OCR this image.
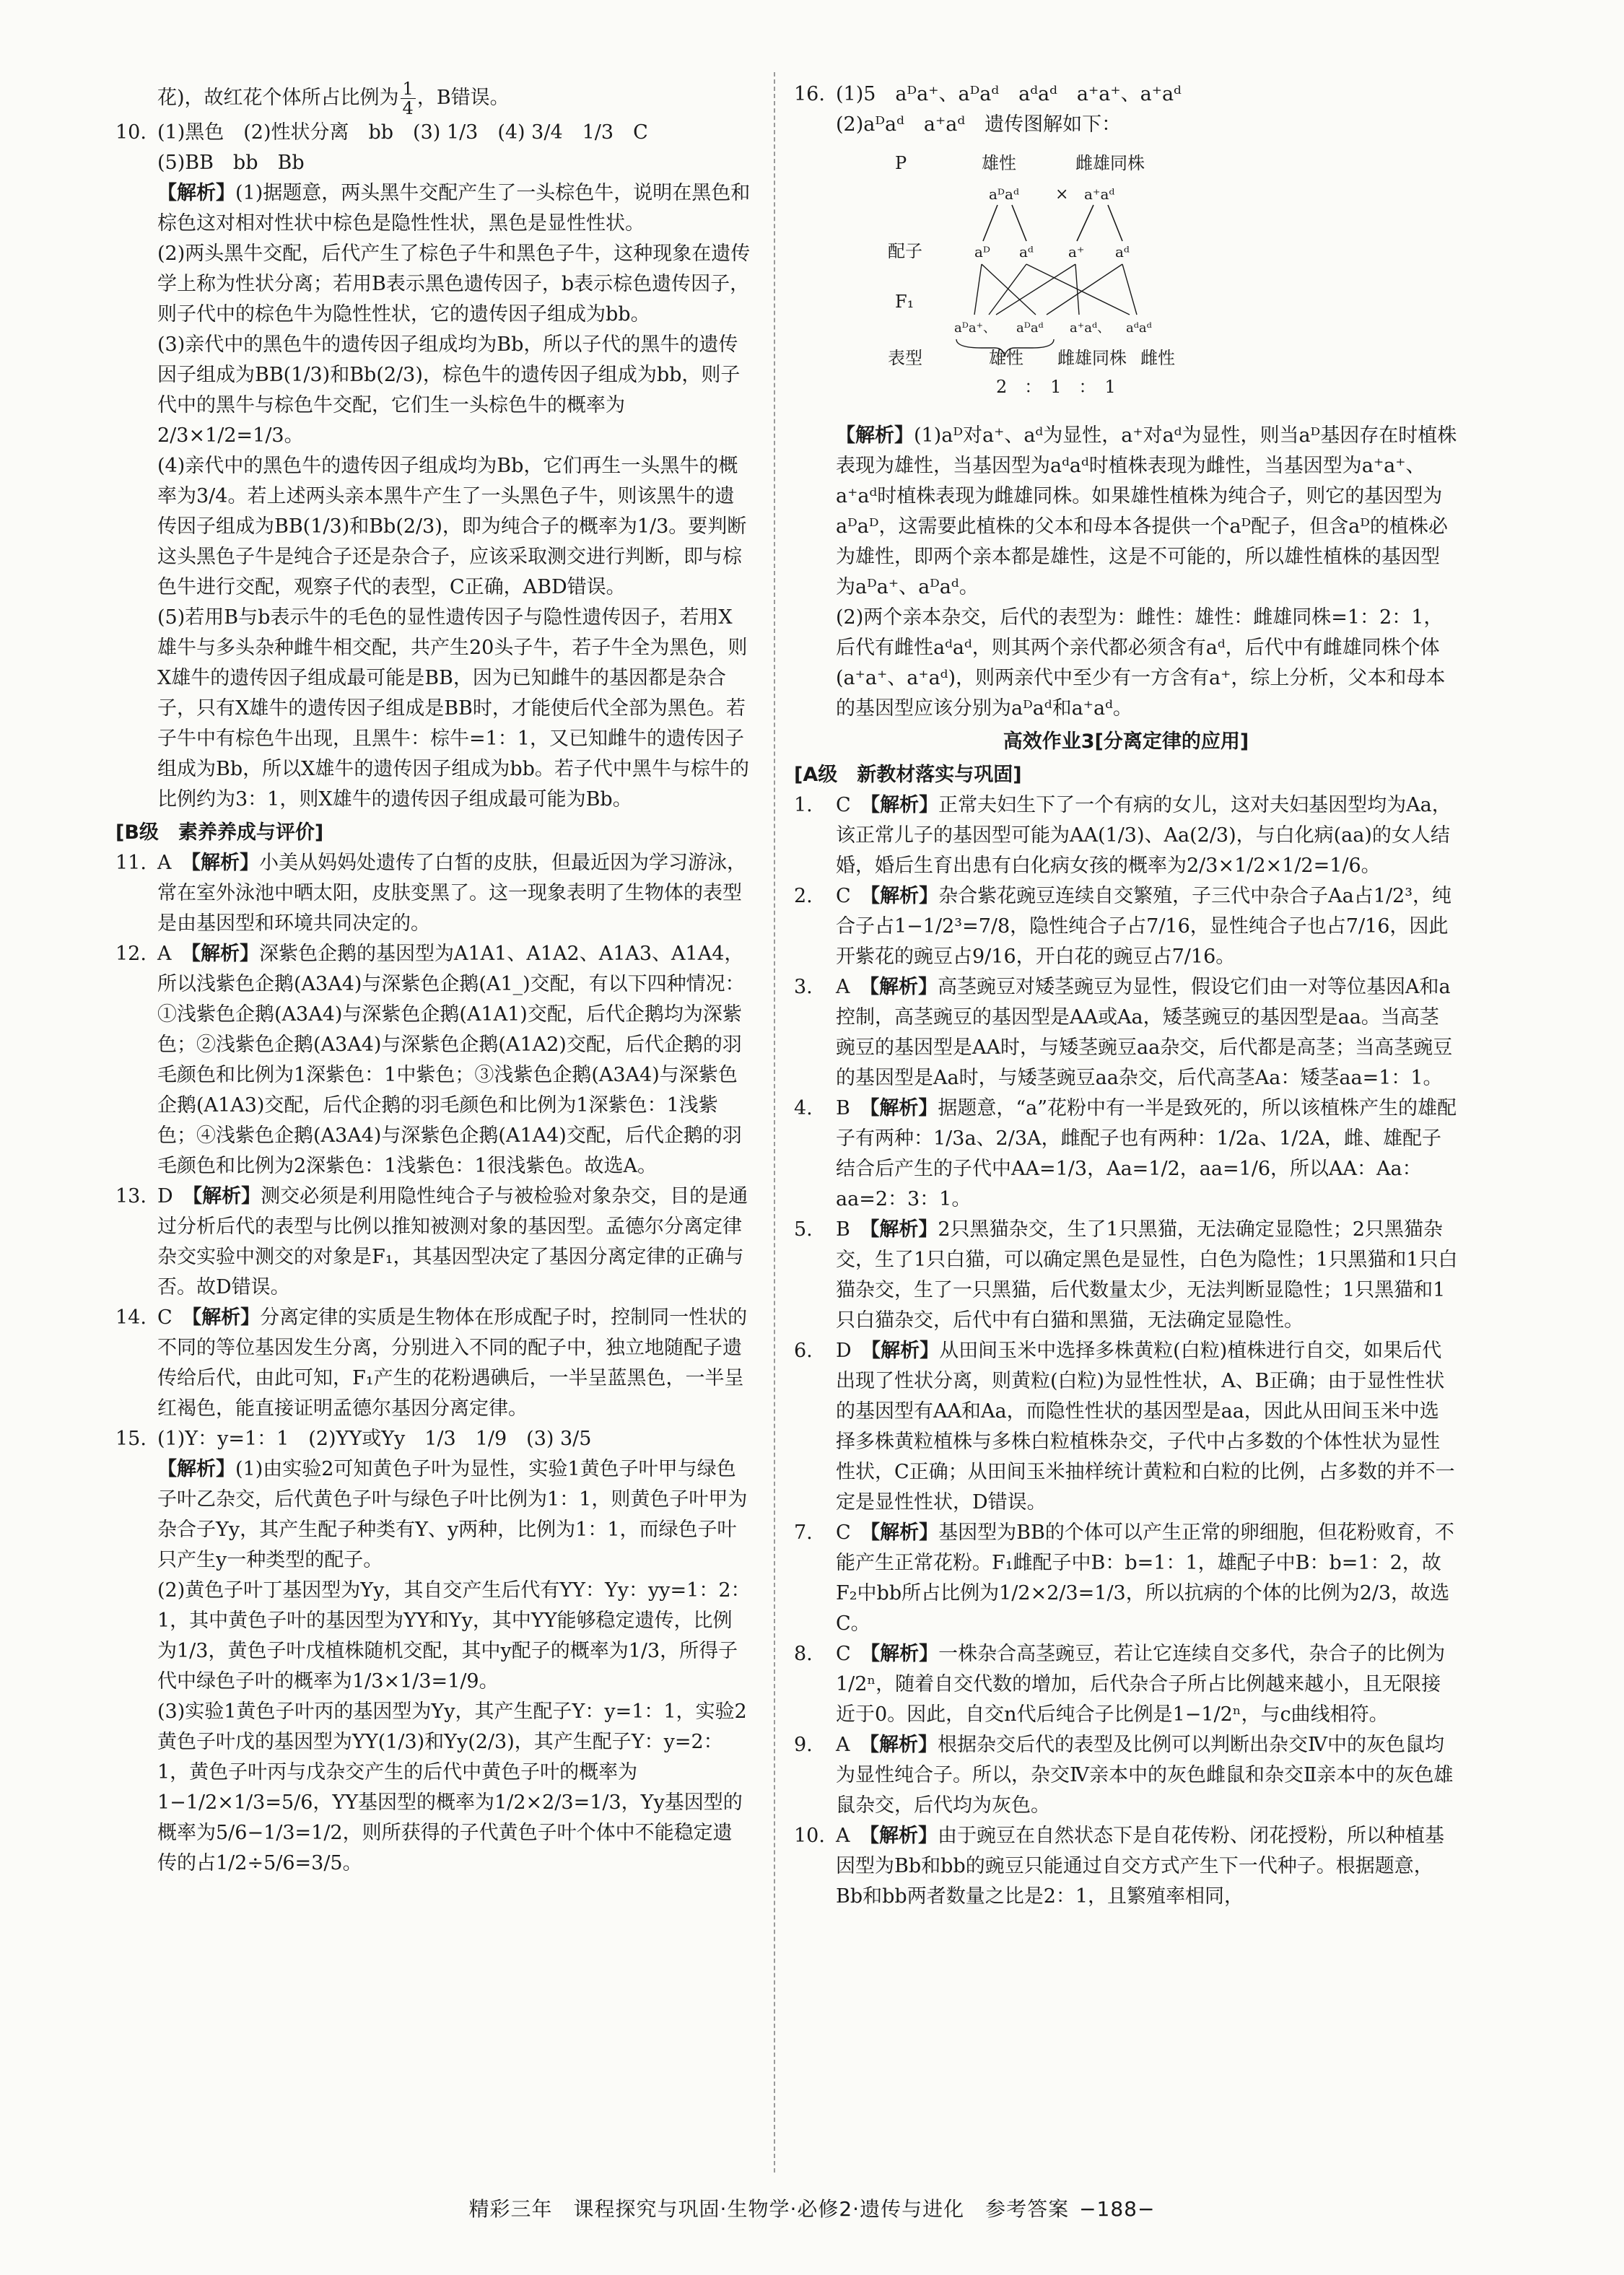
花)，故红花个体所占比例为 $\frac{1}{4}$ ，B错误。

10. (1)黑色　(2)性状分离　bb　(3) 1/3　(4) 3/4　1/3　C

(5)BB　bb　Bb

【解析】(1)据题意，两头黑牛交配产生了一头棕色牛，说明在黑色和棕色这对相对性状中棕色是隐性性状，黑色是显性性状。

(2)两头黑牛交配，后代产生了棕色子牛和黑色子牛，这种现象在遗传学上称为性状分离；若用B表示黑色遗传因子，b表示棕色遗传因子，则子代中的棕色牛为隐性性状，它的遗传因子组成为bb。

(3)亲代中的黑色牛的遗传因子组成均为Bb，所以子代的黑牛的遗传因子组成为BB(1/3)和Bb(2/3)，棕色牛的遗传因子组成为bb，则子代中的黑牛与棕色牛交配，它们生一头棕色牛的概率为2/3×1/2=1/3。

(4)亲代中的黑色牛的遗传因子组成均为Bb，它们再生一头黑牛的概率为3/4。若上述两头亲本黑牛产生了一头黑色子牛，则该黑牛的遗传因子组成为BB(1/3)和Bb(2/3)，即为纯合子的概率为1/3。要判断这头黑色子牛是纯合子还是杂合子，应该采取测交进行判断，即与棕色牛进行交配，观察子代的表型，C正确，ABD错误。

(5)若用B与b表示牛的毛色的显性遗传因子与隐性遗传因子，若用X雄牛与多头杂种雌牛相交配，共产生20头子牛，若子牛全为黑色，则X雄牛的遗传因子组成最可能是BB，因为已知雌牛的基因都是杂合子，只有X雄牛的遗传因子组成是BB时，才能使后代全部为黑色。若子牛中有棕色牛出现，且黑牛：棕牛=1：1，又已知雌牛的遗传因子组成为Bb，所以X雄牛的遗传因子组成为bb。若子代中黑牛与棕牛的比例约为3：1，则X雄牛的遗传因子组成最可能为Bb。

[B级　素养养成与评价]

11. A　 【解析】小美从妈妈处遗传了白皙的皮肤，但最近因为学习游泳，常在室外泳池中晒太阳，皮肤变黑了。这一现象表明了生物体的表型是由基因型和环境共同决定的。

12. A　 【解析】深紫色企鹅的基因型为A1A1、A1A2、A1A3、A1A4，所以浅紫色企鹅(A3A4)与深紫色企鹅(A1_)交配，有以下四种情况：①浅紫色企鹅(A3A4)与深紫色企鹅(A1A1)交配，后代企鹅均为深紫色；②浅紫色企鹅(A3A4)与深紫色企鹅(A1A2)交配，后代企鹅的羽毛颜色和比例为1深紫色：1中紫色；③浅紫色企鹅(A3A4)与深紫色企鹅(A1A3)交配，后代企鹅的羽毛颜色和比例为1深紫色：1浅紫色；④浅紫色企鹅(A3A4)与深紫色企鹅(A1A4)交配，后代企鹅的羽毛颜色和比例为2深紫色：1浅紫色：1很浅紫色。故选A。

13. D　 【解析】测交必须是利用隐性纯合子与被检验对象杂交，目的是通过分析后代的表型与比例以推知被测对象的基因型。孟德尔分离定律杂交实验中测交的对象是F₁，其基因型决定了基因分离定律的正确与否。故D错误。

14. C　 【解析】分离定律的实质是生物体在形成配子时，控制同一性状的不同的等位基因发生分离，分别进入不同的配子中，独立地随配子遗传给后代，由此可知，F₁产生的花粉遇碘后，一半呈蓝黑色，一半呈红褐色，能直接证明孟德尔基因分离定律。

15. (1)Y：y=1：1　(2)YY或Yy　1/3　1/9　(3) 3/5

【解析】(1)由实验2可知黄色子叶为显性，实验1黄色子叶甲与绿色子叶乙杂交，后代黄色子叶与绿色子叶比例为1：1，则黄色子叶甲为杂合子Yy，其产生配子种类有Y、y两种，比例为1：1，而绿色子叶只产生y一种类型的配子。

(2)黄色子叶丁基因型为Yy，其自交产生后代有YY：Yy：yy=1：2：1，其中黄色子叶的基因型为YY和Yy，其中YY能够稳定遗传，比例为1/3，黄色子叶戊植株随机交配，其中y配子的概率为1/3，所得子代中绿色子叶的概率为1/3×1/3=1/9。

(3)实验1黄色子叶丙的基因型为Yy，其产生配子Y：y=1：1，实验2黄色子叶戊的基因型为YY(1/3)和Yy(2/3)，其产生配子Y：y=2：1，黄色子叶丙与戊杂交产生的后代中黄色子叶的概率为1−1/2×1/3=5/6，YY基因型的概率为1/2×2/3=1/3，Yy基因型的概率为5/6−1/3=1/2，则所获得的子代黄色子叶个体中不能稳定遗传的占1/2÷5/6=3/5。

16. (1)5　aᴰa⁺、aᴰaᵈ　aᵈaᵈ　a⁺a⁺、a⁺aᵈ

(2)aᴰaᵈ　a⁺aᵈ　遗传图解如下：

P	雄性	雌雄同株
aᴰaᵈ × a⁺aᵈ
配子	aᴰ aᵈ a⁺ aᵈ
F₁
aᴰa⁺、 aᴰaᵈ a⁺aᵈ、 aᵈaᵈ
表型	雄性 雌雄同株 雌性
2　：　1　：　1

【解析】(1)aᴰ对a⁺、aᵈ为显性，a⁺对aᵈ为显性，则当aᴰ基因存在时植株表现为雄性，当基因型为aᵈaᵈ时植株表现为雌性，当基因型为a⁺a⁺、a⁺aᵈ时植株表现为雌雄同株。如果雄性植株为纯合子，则它的基因型为aᴰaᴰ，这需要此植株的父本和母本各提供一个aᴰ配子，但含aᴰ的植株必为雄性，即两个亲本都是雄性，这是不可能的，所以雄性植株的基因型为aᴰa⁺、aᴰaᵈ。

(2)两个亲本杂交，后代的表型为：雌性：雄性：雌雄同株=1：2：1，后代有雌性aᵈaᵈ，则其两个亲代都必须含有aᵈ，后代中有雌雄同株个体(a⁺a⁺、a⁺aᵈ)，则两亲代中至少有一方含有a⁺，综上分析，父本和母本的基因型应该分别为aᴰaᵈ和a⁺aᵈ。

高效作业3[分离定律的应用]

[A级　新教材落实与巩固]

1.	C　 【解析】正常夫妇生下了一个有病的女儿，这对夫妇基因型均为Aa，该正常儿子的基因型可能为AA(1/3)、Aa(2/3)，与白化病(aa)的女人结婚，婚后生育出患有白化病女孩的概率为2/3×1/2×1/2=1/6。

2.	C　 【解析】杂合紫花豌豆连续自交繁殖，子三代中杂合子Aa占1/2³，纯合子占1−1/2³=7/8，隐性纯合子占7/16，显性纯合子也占7/16，因此开紫花的豌豆占9/16，开白花的豌豆占7/16。

3.	A　 【解析】高茎豌豆对矮茎豌豆为显性，假设它们由一对等位基因A和a控制，高茎豌豆的基因型是AA或Aa，矮茎豌豆的基因型是aa。当高茎豌豆的基因型是AA时，与矮茎豌豆aa杂交，后代都是高茎；当高茎豌豆的基因型是Aa时，与矮茎豌豆aa杂交，后代高茎Aa：矮茎aa=1：1。

4.	B　 【解析】据题意，“a”花粉中有一半是致死的，所以该植株产生的雄配子有两种：1/3a、2/3A，雌配子也有两种：1/2a、1/2A，雌、雄配子结合后产生的子代中AA=1/3，Aa=1/2，aa=1/6，所以AA：Aa：aa=2：3：1。

5.	B　 【解析】2只黑猫杂交，生了1只黑猫，无法确定显隐性；2只黑猫杂交，生了1只白猫，可以确定黑色是显性，白色为隐性；1只黑猫和1只白猫杂交，生了一只黑猫，后代数量太少，无法判断显隐性；1只黑猫和1只白猫杂交，后代中有白猫和黑猫，无法确定显隐性。

6.	D　 【解析】从田间玉米中选择多株黄粒(白粒)植株进行自交，如果后代出现了性状分离，则黄粒(白粒)为显性性状，A、B正确；由于显性性状的基因型有AA和Aa，而隐性性状的基因型是aa，因此从田间玉米中选择多株黄粒植株与多株白粒植株杂交，子代中占多数的个体性状为显性性状，C正确；从田间玉米抽样统计黄粒和白粒的比例，占多数的并不一定是显性性状，D错误。

7.	C　 【解析】基因型为BB的个体可以产生正常的卵细胞，但花粉败育，不能产生正常花粉。F₁雌配子中B：b=1：1，雄配子中B：b=1：2，故F₂中bb所占比例为1/2×2/3=1/3，所以抗病的个体的比例为2/3，故选C。

8.	C　 【解析】一株杂合高茎豌豆，若让它连续自交多代，杂合子的比例为1/2ⁿ，随着自交代数的增加，后代杂合子所占比例越来越小，且无限接近于0。因此，自交n代后纯合子比例是1−1/2ⁿ，与c曲线相符。

9.	A　 【解析】根据杂交后代的表型及比例可以判断出杂交Ⅳ中的灰色鼠均为显性纯合子。所以，杂交Ⅳ亲本中的灰色雌鼠和杂交Ⅱ亲本中的灰色雄鼠杂交，后代均为灰色。

10. A　 【解析】由于豌豆在自然状态下是自花传粉、闭花授粉，所以种植基因型为Bb和bb的豌豆只能通过自交方式产生下一代种子。根据题意，Bb和bb两者数量之比是2：1，且繁殖率相同，

精彩三年　课程探究与巩固·生物学·必修2·遗传与进化　参考答案 −188−
